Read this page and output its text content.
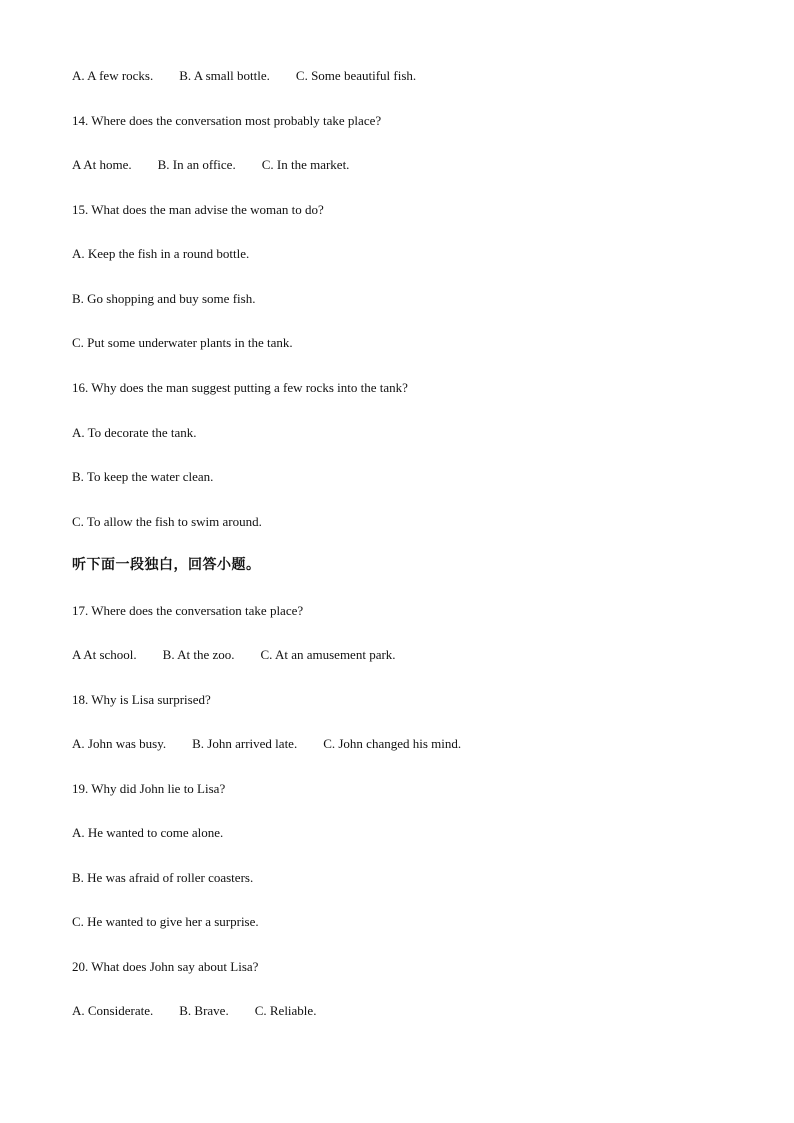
A. A few rocks. B. A small bottle. C. Some beautiful fish.
14. Where does the conversation most probably take place?
A At home. B. In an office. C. In the market.
15. What does the man advise the woman to do?
A. Keep the fish in a round bottle.
B. Go shopping and buy some fish.
C. Put some underwater plants in the tank.
16. Why does the man suggest putting a few rocks into the tank?
A. To decorate the tank.
B. To keep the water clean.
C. To allow the fish to swim around.
听下面一段独白，回答小题。
17. Where does the conversation take place?
A At school. B. At the zoo. C. At an amusement park.
18. Why is Lisa surprised?
A. John was busy. B. John arrived late. C. John changed his mind.
19. Why did John lie to Lisa?
A. He wanted to come alone.
B. He was afraid of roller coasters.
C. He wanted to give her a surprise.
20. What does John say about Lisa?
A. Considerate. B. Brave. C. Reliable.
